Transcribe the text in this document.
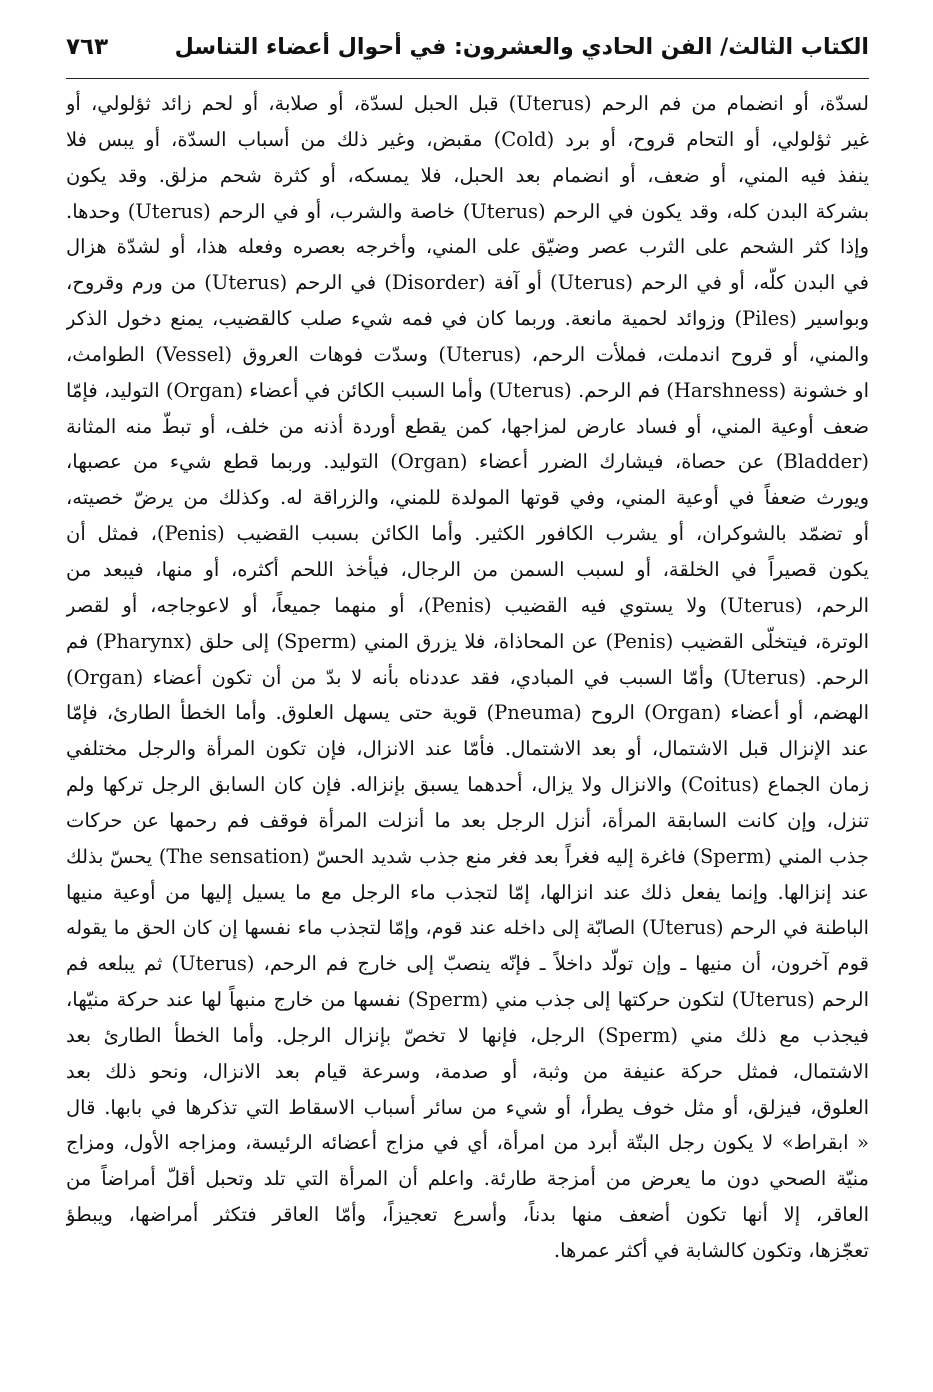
الكتاب الثالث/ الفن الحادي والعشرون: في أحوال أعضاء التناسل
٧٦٣
لسدّة، أو انضمام من فم الرحم (Uterus) قبل الحبل لسدّة، أو صلابة، أو لحم زائد ثؤلولي، أو
غير ثؤلولي، أو التحام قروح، أو برد (Cold) مقبض، وغير ذلك من أسباب السدّة، أو يبس فلا
ينفذ فيه المني، أو ضعف، أو انضمام بعد الحبل، فلا يمسكه، أو كثرة شحم مزلق. وقد يكون
بشركة البدن كله، وقد يكون في الرحم (Uterus) خاصة والشرب، أو في الرحم (Uterus) وحدها.
وإذا كثر الشحم على الثرب عصر وضيّق على المني، وأخرجه بعصره وفعله هذا، أو لشدّة هزال
في البدن كلّه، أو في الرحم (Uterus) أو آفة (Disorder) في الرحم (Uterus) من ورم وقروح،
وبواسير (Piles) وزوائد لحمية مانعة. وربما كان في فمه شيء صلب كالقضيب، يمنع دخول الذكر
والمني، أو قروح اندملت، فملأت الرحم، (Uterus) وسدّت فوهات العروق (Vessel) الطوامث،
او خشونة (Harshness) فم الرحم. (Uterus) وأما السبب الكائن في أعضاء (Organ) التوليد، فإمّا
ضعف أوعية المني، أو فساد عارض لمزاجها، كمن يقطع أوردة أذنه من خلف، أو تبطّ منه المثانة
(Bladder) عن حصاة، فيشارك الضرر أعضاء (Organ) التوليد. وربما قطع شيء من عصبها،
ويورث ضعفاً في أوعية المني، وفي قوتها المولدة للمني، والزراقة له. وكذلك من يرضّ خصيته،
أو تضمّد بالشوكران، أو يشرب الكافور الكثير. وأما الكائن بسبب القضيب (Penis)، فمثل أن
يكون قصيراً في الخلقة، أو لسبب السمن من الرجال، فيأخذ اللحم أكثره، أو منها، فيبعد من
الرحم، (Uterus) ولا يستوي فيه القضيب (Penis)، أو منهما جميعاً، أو لاعوجاجه، أو لقصر
الوترة، فيتخلّى القضيب (Penis) عن المحاذاة، فلا يزرق المني (Sperm) إلى حلق (Pharynx) فم
الرحم. (Uterus) وأمّا السبب في المبادي، فقد عددناه بأنه لا بدّ من أن تكون أعضاء (Organ)
الهضم، أو أعضاء (Organ) الروح (Pneuma) قوية حتى يسهل العلوق. وأما الخطأ الطارئ، فإمّا
عند الإنزال قبل الاشتمال، أو بعد الاشتمال. فأمّا عند الانزال، فإن تكون المرأة والرجل مختلفي
زمان الجماع (Coitus) والانزال ولا يزال، أحدهما يسبق بإنزاله. فإن كان السابق الرجل تركها ولم
تنزل، وإن كانت السابقة المرأة، أنزل الرجل بعد ما أنزلت المرأة فوقف فم رحمها عن حركات
جذب المني (Sperm) فاغرة إليه فغراً بعد فغر منع جذب شديد الحسّ (The sensation) يحسّ بذلك
عند إنزالها. وإنما يفعل ذلك عند انزالها، إمّا لتجذب ماء الرجل مع ما يسيل إليها من أوعية منيها
الباطنة في الرحم (Uterus) الصابّة إلى داخله عند قوم، وإمّا لتجذب ماء نفسها إن كان الحق ما يقوله
قوم آخرون، أن منيها ـ وإن تولّد داخلاً ـ فإنّه ينصبّ إلى خارج فم الرحم، (Uterus) ثم يبلعه فم
الرحم (Uterus) لتكون حركتها إلى جذب مني (Sperm) نفسها من خارج منبهاً لها عند حركة منيّها،
فيجذب مع ذلك مني (Sperm) الرجل، فإنها لا تخصّ بإنزال الرجل. وأما الخطأ الطارئ بعد
الاشتمال، فمثل حركة عنيفة من وثبة، أو صدمة، وسرعة قيام بعد الانزال، ونحو ذلك بعد
العلوق، فيزلق، أو مثل خوف يطرأ، أو شيء من سائر أسباب الاسقاط التي تذكرها في بابها. قال
« ابقراط» لا يكون رجل البتّة أبرد من امرأة، أي في مزاج أعضائه الرئيسة، ومزاجه الأول، ومزاج
منيّة الصحي دون ما يعرض من أمزجة طارئة. واعلم أن المرأة التي تلد وتحبل أقلّ أمراضاً من
العاقر، إلا أنها تكون أضعف منها بدناً، وأسرع تعجيزاً، وأمّا العاقر فتكثر أمراضها، ويبطؤ
تعجّزها، وتكون كالشابة في أكثر عمرها.
